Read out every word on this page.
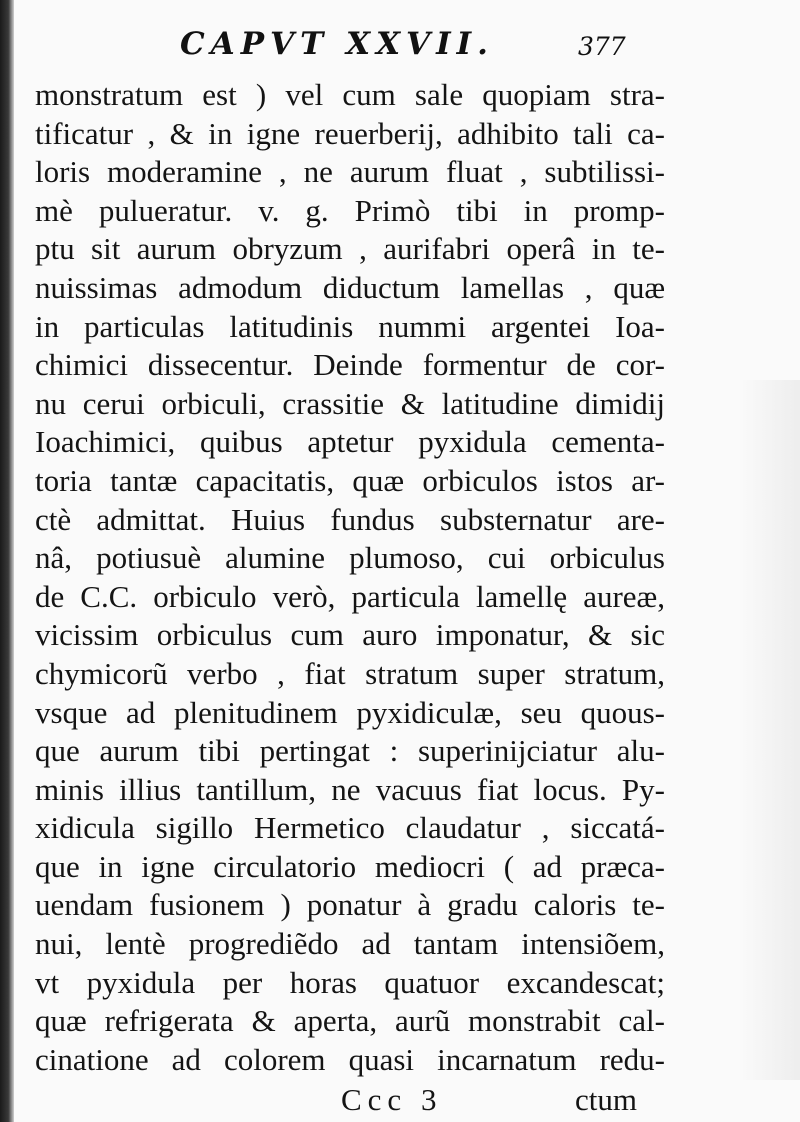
CAPVT XXVII.	377
monstratum est ) vel cum sale quopiam stra-
tificatur , & in igne reuerberij, adhibito tali ca-
loris moderamine , ne aurum fluat , subtilissi-
mè pulueratur. v. g. Primò tibi in promp-
ptu sit aurum obryzum , aurifabri operâ in te-
nuissimas admodum diductum lamellas , quæ
in particulas latitudinis nummi argentei Ioa-
chimici dissecentur. Deinde formentur de cor-
nu cerui orbiculi, crassitie & latitudine dimidij
Ioachimici, quibus aptetur pyxidula cementa-
toria tantæ capacitatis, quæ orbiculos istos ar-
ctè admittat. Huius fundus substernatur are-
nâ, potiusuè alumine plumoso, cui orbiculus
de C.C. orbiculo verò, particula lamellę aureæ,
vicissim orbiculus cum auro imponatur, & sic
chymicorũ verbo , fiat stratum super stratum,
vsque ad plenitudinem pyxidiculæ, seu quous-
que aurum tibi pertingat : superinijciatur alu-
minis illius tantillum, ne vacuus fiat locus. Py-
xidicula sigillo Hermetico claudatur , siccatá-
que in igne circulatorio mediocri ( ad præca-
uendam fusionem ) ponatur à gradu caloris te-
nui, lentè progrediẽdo ad tantam intensiõem,
vt pyxidula per horas quatuor excandescat;
quæ refrigerata & aperta, aurũ monstrabit cal-
cinatione ad colorem quasi incarnatum redu-
Ccc 3	ctum
